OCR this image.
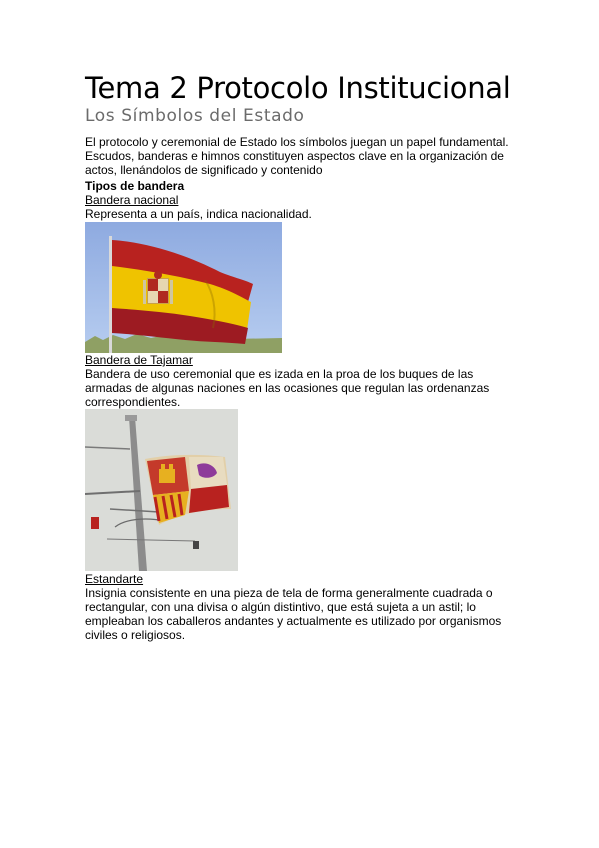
Tema 2 Protocolo Institucional

Los Símbolos del Estado

El protocolo y ceremonial de Estado los símbolos juegan un papel fundamental.

Escudos, banderas e himnos constituyen aspectos clave en la organización de

actos, llenándolos de significado y contenido

Tipos de bandera

Bandera nacional

Representa a un país, indica nacionalidad.

Bandera de Tajamar

Bandera de uso ceremonial que es izada en la proa de los buques de las

armadas de algunas naciones en las ocasiones que regulan las ordenanzas

correspondientes.

Estandarte

Insignia consistente en una pieza de tela de forma generalmente cuadrada o

rectangular, con una divisa o algún distintivo, que está sujeta a un astil; lo

empleaban los caballeros andantes y actualmente es utilizado por organismos

civiles o religiosos.
